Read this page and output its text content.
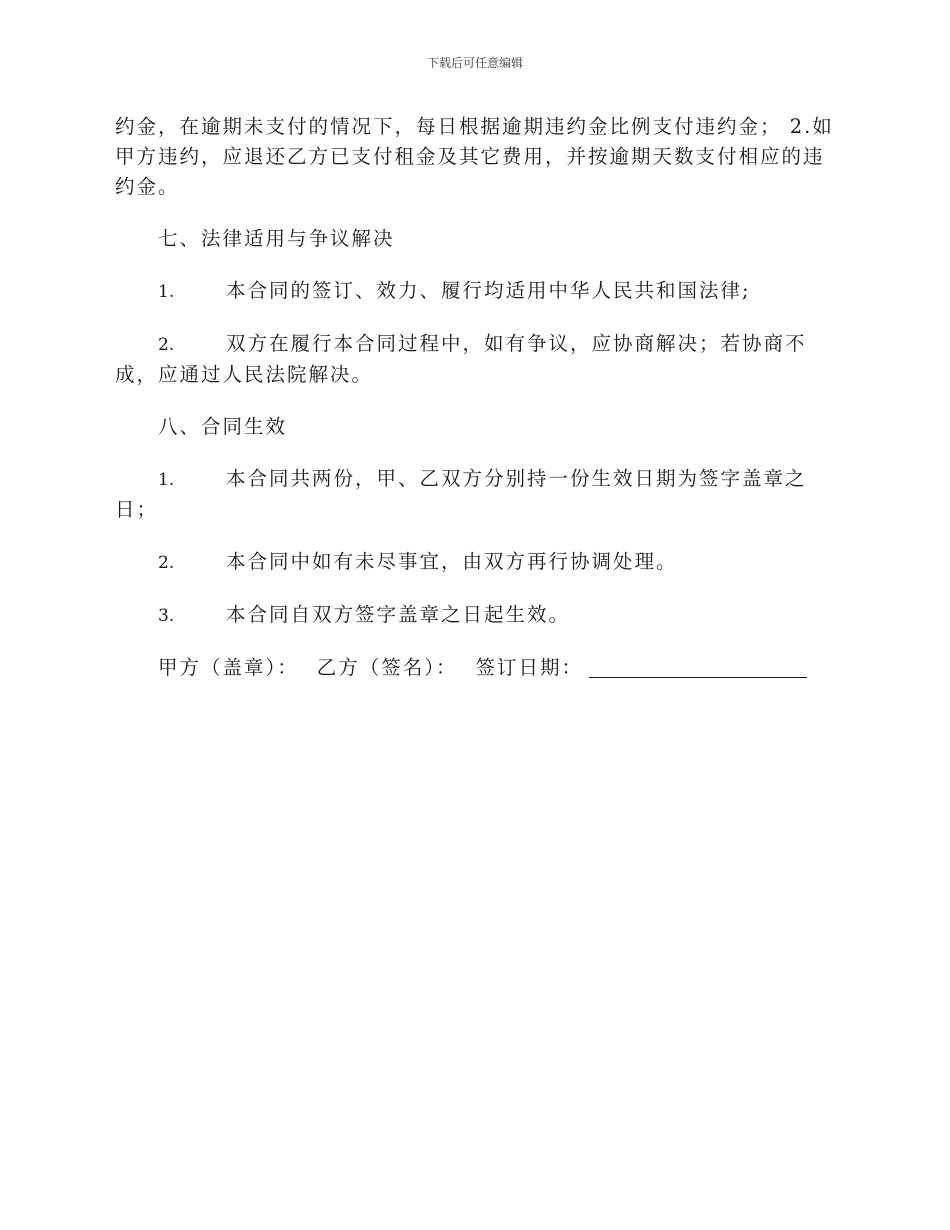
下载后可任意编辑

约金，在逾期未支付的情况下，每日根据逾期违约金比例支付违约金； 2.如甲方违约，应退还乙方已支付租金及其它费用，并按逾期天数支付相应的违约金。

七、法律适用与争议解决

1.	本合同的签订、效力、履行均适用中华人民共和国法律;

2.	双方在履行本合同过程中，如有争议，应协商解决；若协商不成，应通过人民法院解决。

八、合同生效

1.	本合同共两份，甲、乙双方分别持一份生效日期为签字盖章之日；

2.	本合同中如有未尽事宜，由双方再行协调处理。

3.	本合同自双方签字盖章之日起生效。

甲方（盖章）： 乙方（签名）： 签订日期：
